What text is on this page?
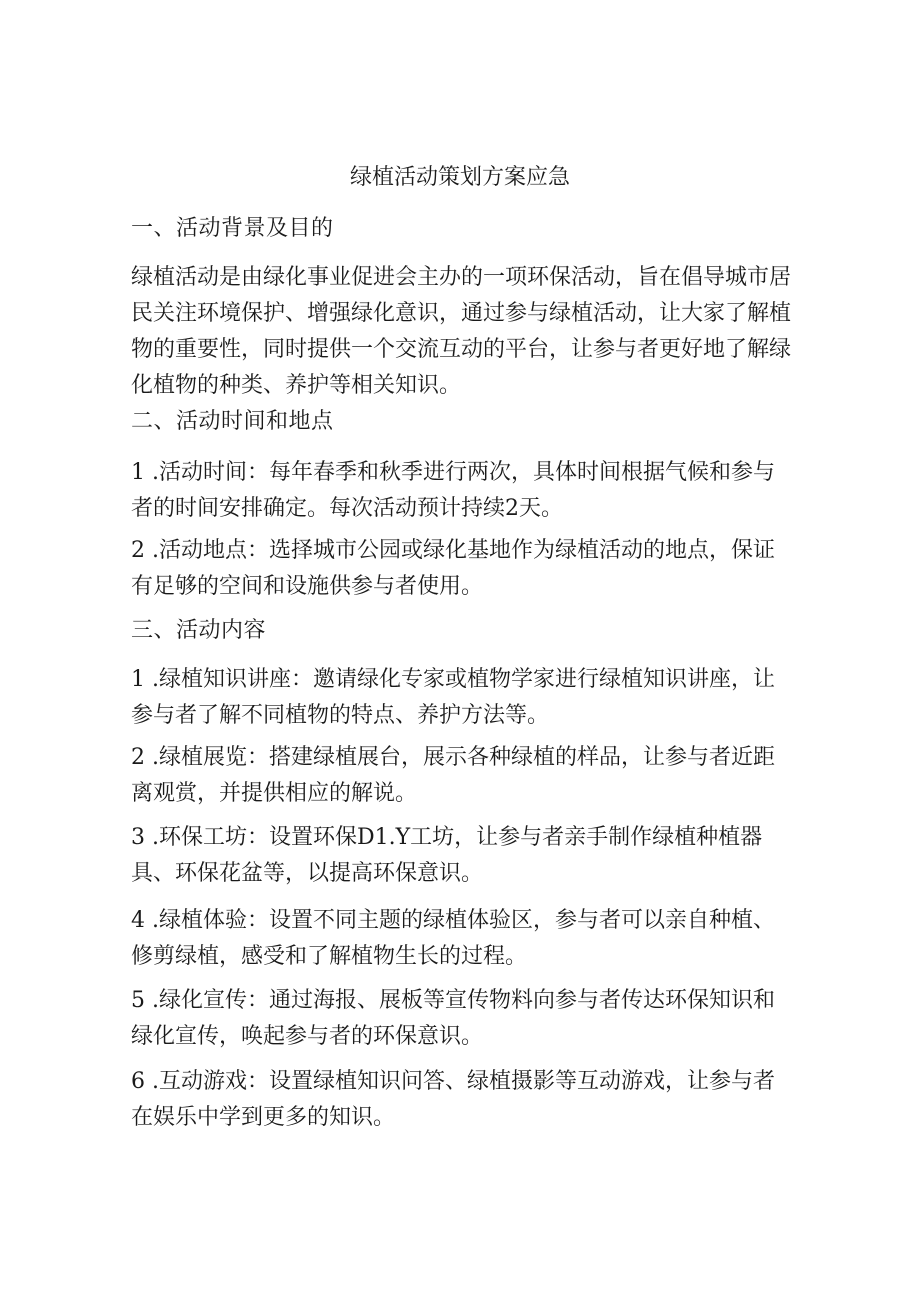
绿植活动策划方案应急

一、活动背景及目的

绿植活动是由绿化事业促进会主办的一项环保活动，旨在倡导城市居
民关注环境保护、增强绿化意识，通过参与绿植活动，让大家了解植
物的重要性，同时提供一个交流互动的平台，让参与者更好地了解绿
化植物的种类、养护等相关知识。

二、活动时间和地点

1 .活动时间：每年春季和秋季进行两次，具体时间根据气候和参与
者的时间安排确定。每次活动预计持续2天。

2 .活动地点：选择城市公园或绿化基地作为绿植活动的地点，保证
有足够的空间和设施供参与者使用。

三、活动内容

1 .绿植知识讲座：邀请绿化专家或植物学家进行绿植知识讲座，让
参与者了解不同植物的特点、养护方法等。

2 .绿植展览：搭建绿植展台，展示各种绿植的样品，让参与者近距
离观赏，并提供相应的解说。

3 .环保工坊：设置环保D1.Y工坊，让参与者亲手制作绿植种植器
具、环保花盆等，以提高环保意识。

4 .绿植体验：设置不同主题的绿植体验区，参与者可以亲自种植、
修剪绿植，感受和了解植物生长的过程。

5 .绿化宣传：通过海报、展板等宣传物料向参与者传达环保知识和
绿化宣传，唤起参与者的环保意识。

6 .互动游戏：设置绿植知识问答、绿植摄影等互动游戏，让参与者
在娱乐中学到更多的知识。
